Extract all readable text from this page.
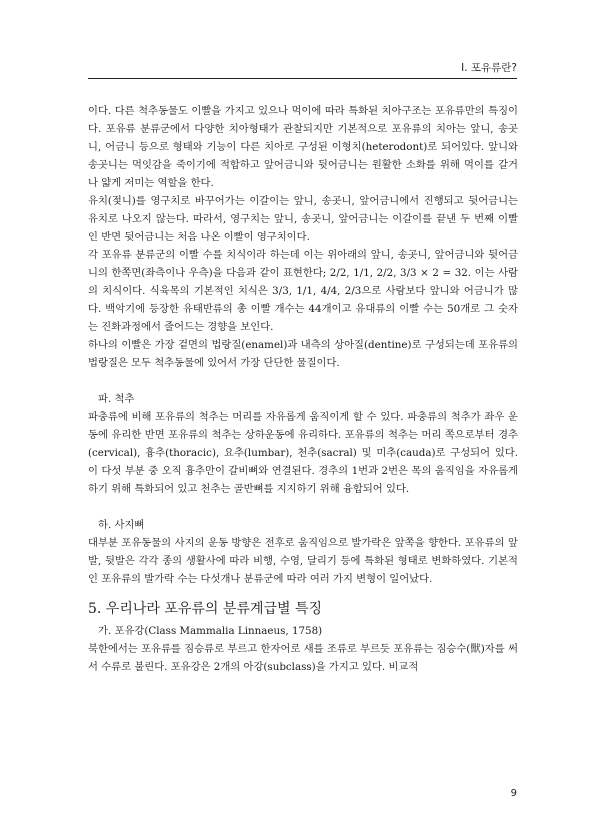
I. 포유류란?

이다. 다른 척추동물도 이빨을 가지고 있으나 먹이에 따라 특화된 치아구조는 포유류만의 특징이다. 포유류 분류군에서 다양한 치아형태가 관찰되지만 기본적으로 포유류의 치아는 앞니, 송곳니, 어금니 등으로 형태와 기능이 다른 치아로 구성된 이형치(heterodont)로 되어있다. 앞니와 송곳니는 먹잇감을 죽이기에 적합하고 앞어금니와 뒷어금니는 원활한 소화를 위해 먹이를 갈거나 얇게 저미는 역할을 한다.

유치(젖니)를 영구치로 바꾸어가는 이갈이는 앞니, 송곳니, 앞어금니에서 진행되고 뒷어금니는 유치로 나오지 않는다. 따라서, 영구치는 앞니, 송곳니, 앞어금니는 이갈이를 끝낸 두 번째 이빨인 반면 뒷어금니는 처음 나온 이빨이 영구치이다.

각 포유류 분류군의 이빨 수를 치식이라 하는데 이는 위아래의 앞니, 송곳니, 앞어금니와 뒷어금니의 한쪽면(좌측이나 우측)을 다음과 같이 표현한다; 2/2, 1/1, 2/2, 3/3 × 2 = 32. 이는 사람의 치식이다. 식육목의 기본적인 치식은 3/3, 1/1, 4/4, 2/3으로 사람보다 앞니와 어금니가 많다. 백악기에 등장한 유태반류의 총 이빨 개수는 44개이고 유대류의 이빨 수는 50개로 그 숫자는 진화과정에서 줄어드는 경향을 보인다.

하나의 이빨은 가장 겉면의 법랑질(enamel)과 내측의 상아질(dentine)로 구성되는데 포유류의 법랑질은 모두 척추동물에 있어서 가장 단단한 물질이다.

파. 척추

파충류에 비해 포유류의 척추는 머리를 자유롭게 움직이게 할 수 있다. 파충류의 척추가 좌우 운동에 유리한 반면 포유류의 척추는 상하운동에 유리하다. 포유류의 척추는 머리 쪽으로부터 경추(cervical), 흉추(thoracic), 요추(lumbar), 천추(sacral) 및 미추(cauda)로 구성되어 있다. 이 다섯 부분 중 오직 흉추만이 갈비뼈와 연결된다. 경추의 1번과 2번은 목의 움직임을 자유롭게 하기 위해 특화되어 있고 천추는 골반뼈를 지지하기 위해 융합되어 있다.

하. 사지뼈

대부분 포유동물의 사지의 운동 방향은 전후로 움직임으로 발가락은 앞쪽을 향한다. 포유류의 앞발, 뒷발은 각각 종의 생활사에 따라 비행, 수영, 달리기 등에 특화된 형태로 변화하였다. 기본적인 포유류의 발가락 수는 다섯개나 분류군에 따라 여러 가지 변형이 일어났다.

5. 우리나라 포유류의 분류계급별 특징

가. 포유강(Class Mammalia Linnaeus, 1758)

북한에서는 포유류를 짐승류로 부르고 한자어로 새를 조류로 부르듯 포유류는 짐승수(獸)자를 써서 수류로 불린다. 포유강은 2개의 아강(subclass)을 가지고 있다. 비교적

9
